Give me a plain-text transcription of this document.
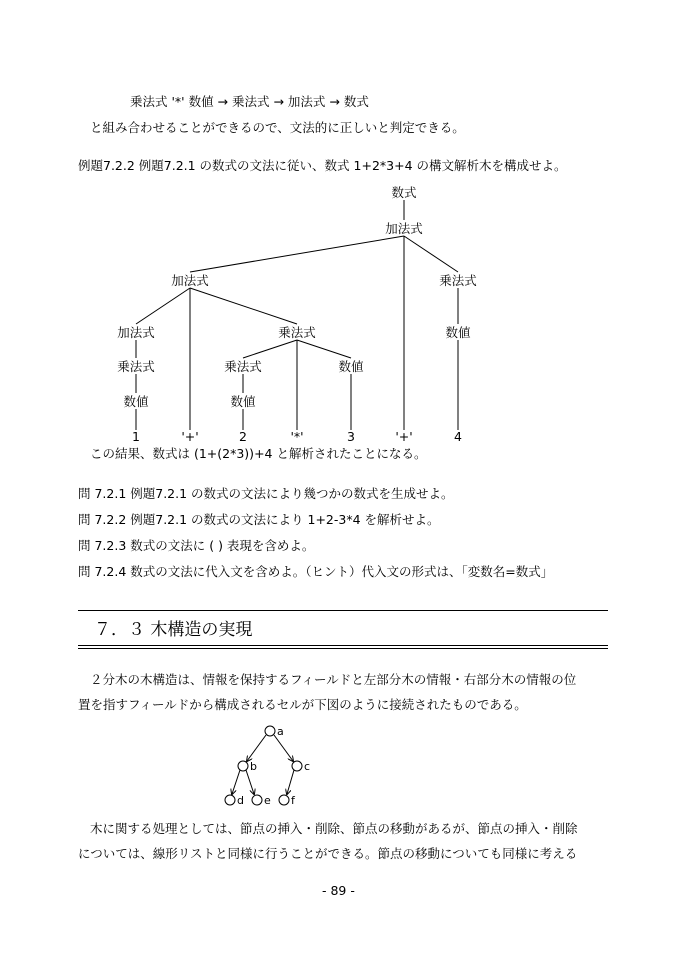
乗法式 '*' 数値 → 乗法式 → 加法式 → 数式
と組み合わせることができるので、文法的に正しいと判定できる。
例題7.2.2 例題7.2.1 の数式の文法に従い、数式 1+2*3+4 の構文解析木を構成せよ。
数式
加法式
加法式	乗法式
加法式	乗法式	数値
乗法式	乗法式	数値
数値	数値
1	'+'	2	'*'	3	'+'	4
この結果、数式は (1+(2*3))+4 と解析されたことになる。
問 7.2.1 例題7.2.1 の数式の文法により幾つかの数式を生成せよ。
問 7.2.2 例題7.2.1 の数式の文法により 1+2-3*4 を解析せよ。
問 7.2.3 数式の文法に ( ) 表現を含めよ。
問 7.2.4 数式の文法に代入文を含めよ。（ヒント）代入文の形式は、「変数名=数式」
７．３ 木構造の実現
２分木の木構造は、情報を保持するフィールドと左部分木の情報・右部分木の情報の位
置を指すフィールドから構成されるセルが下図のように接続されたものである。
a
b	c
d e f
木に関する処理としては、節点の挿入・削除、節点の移動があるが、節点の挿入・削除
については、線形リストと同様に行うことができる。節点の移動についても同様に考える
- 89 -
